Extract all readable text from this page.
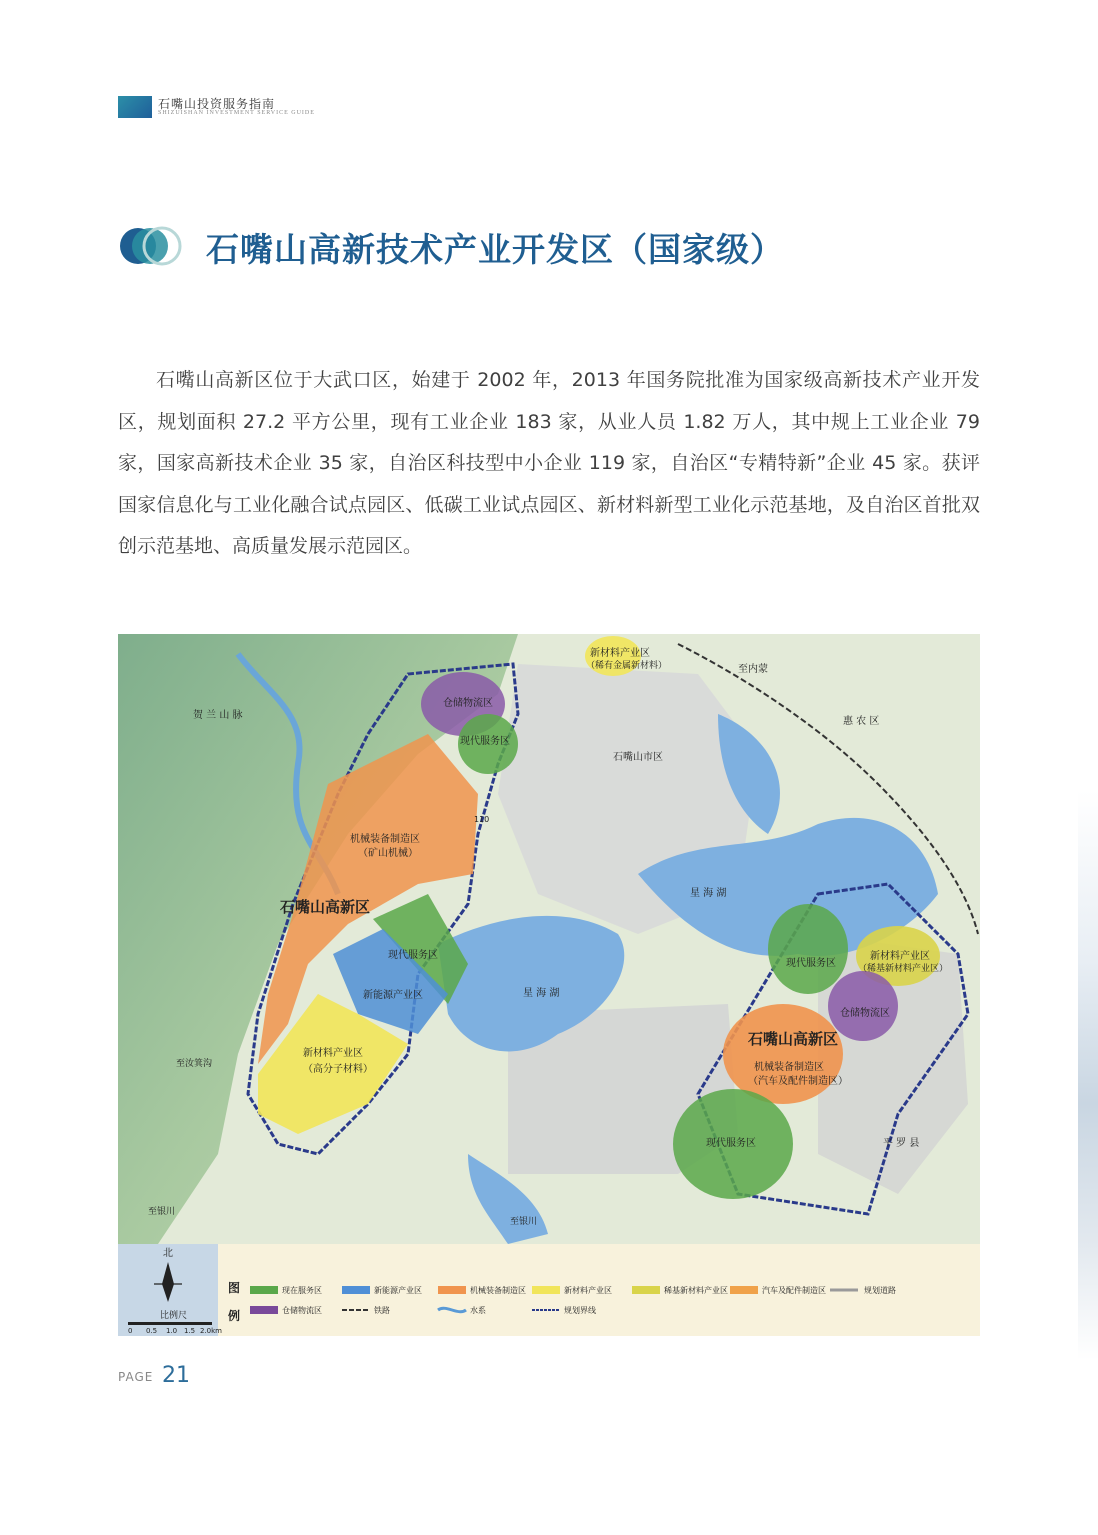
石嘴山投资服务指南
SHIZUISHAN INVESTMENT SERVICE GUIDE
石嘴山高新技术产业开发区（国家级）

石嘴山高新区位于大武口区，始建于 2002 年，2013 年国务院批准为国家级高新技术产业开发区，规划面积 27.2 平方公里，现有工业企业 183 家，从业人员 1.82 万人，其中规上工业企业 79 家，国家高新技术企业 35 家，自治区科技型中小企业 119 家，自治区“专精特新”企业 45 家。获评国家信息化与工业化融合试点园区、低碳工业试点园区、新材料新型工业化示范基地，及自治区首批双创示范基地、高质量发展示范园区。

贺 兰 山 脉
仓储物流区
现代服务区
机械装备制造区
（矿山机械）
石嘴山高新区
现代服务区
新能源产业区
新材料产业区
（高分子材料）
新材料产业区
（稀有金属新材料）
石嘴山市区
惠 农 区
至内蒙
星 海 湖
星 海 湖
现代服务区
新材料产业区
（稀基新材料产业区）
仓储物流区
石嘴山高新区
机械装备制造区
（汽车及配件制造区）
现代服务区	平 罗 县
至汝箕沟
至银川
至银川
110
北
比例尺
0 0.5 1.0 1.5 2.0km
图
例
现在服务区	新能源产业区	机械装备制造区	新材料产业区	稀基新材料产业区	汽车及配件制造区	规划道路
仓储物流区	铁路	水系	规划界线
PAGE 21
